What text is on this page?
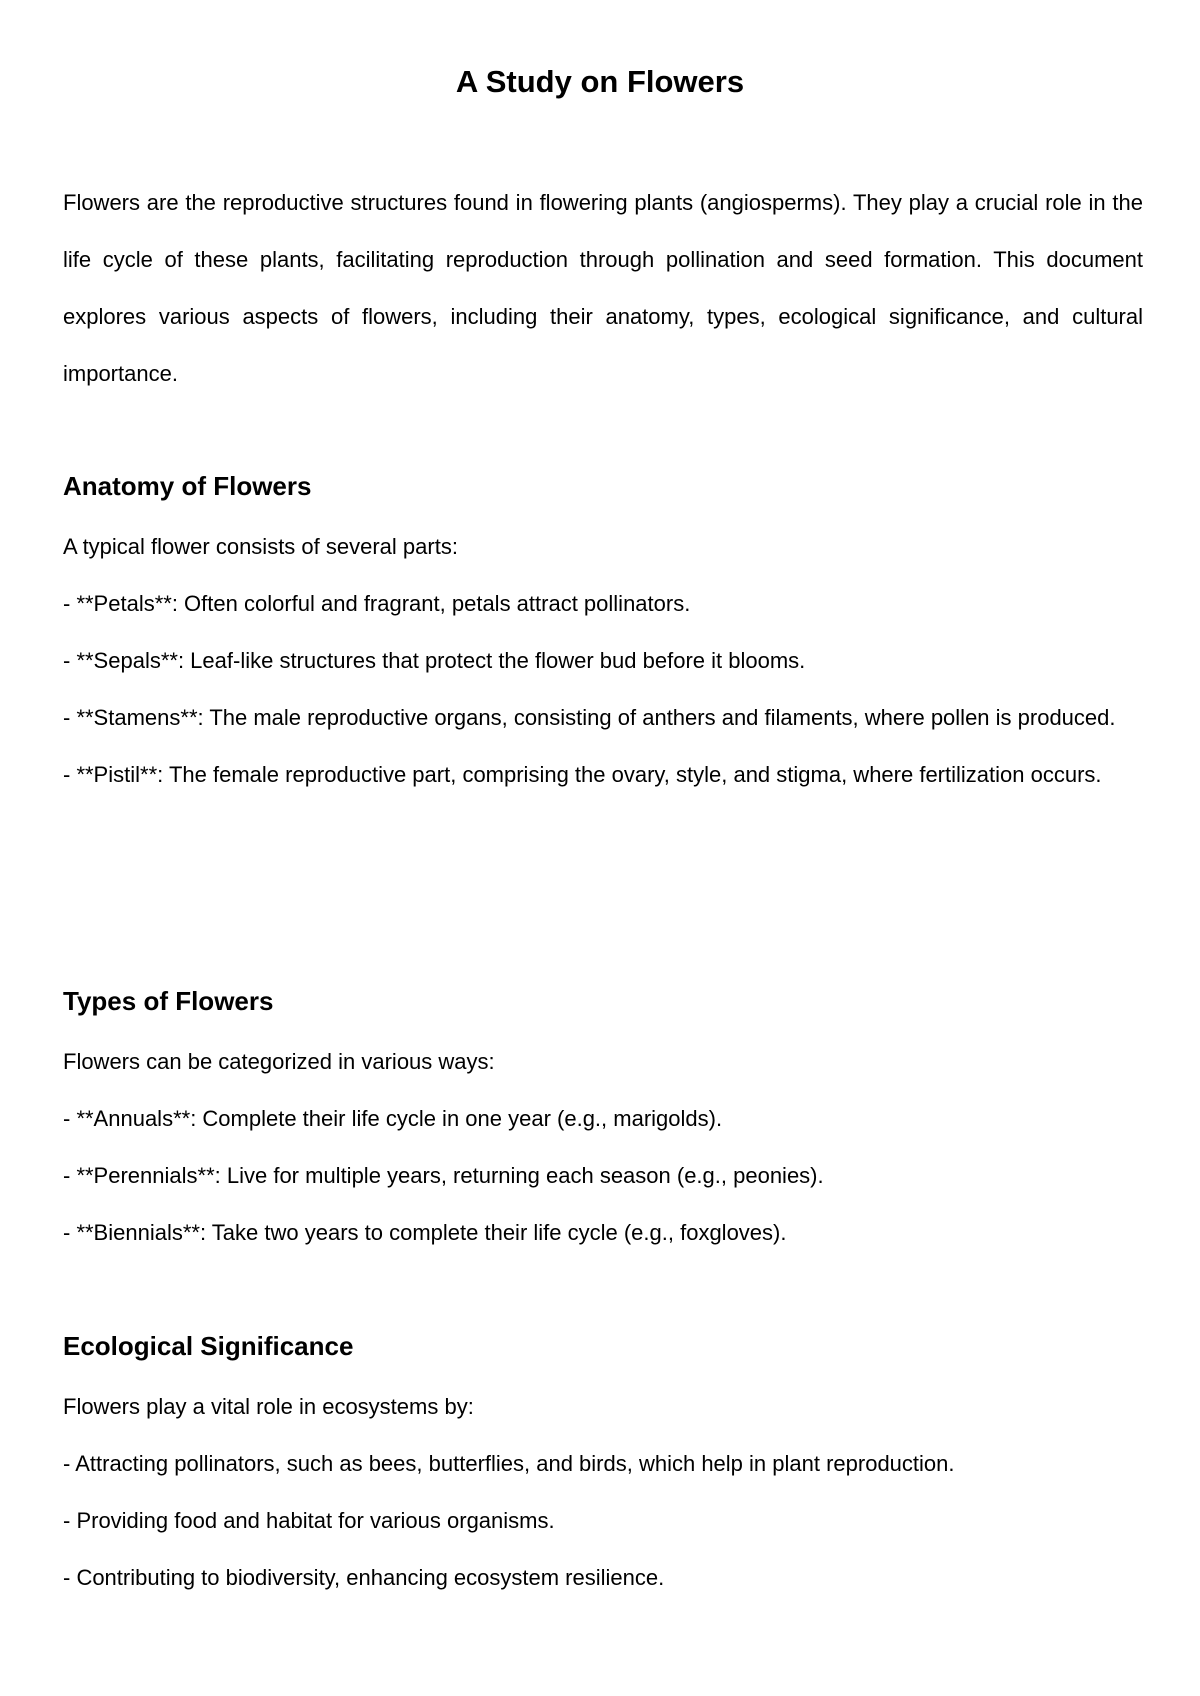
A Study on Flowers

Flowers are the reproductive structures found in flowering plants (angiosperms). They play a crucial role in the life cycle of these plants, facilitating reproduction through pollination and seed formation. This document explores various aspects of flowers, including their anatomy, types, ecological significance, and cultural importance.

Anatomy of Flowers
A typical flower consists of several parts:
- **Petals**: Often colorful and fragrant, petals attract pollinators.
- **Sepals**: Leaf-like structures that protect the flower bud before it blooms.
- **Stamens**: The male reproductive organs, consisting of anthers and filaments, where pollen is produced.
- **Pistil**: The female reproductive part, comprising the ovary, style, and stigma, where fertilization occurs.
Types of Flowers
Flowers can be categorized in various ways:
- **Annuals**: Complete their life cycle in one year (e.g., marigolds).
- **Perennials**: Live for multiple years, returning each season (e.g., peonies).
- **Biennials**: Take two years to complete their life cycle (e.g., foxgloves).
Ecological Significance
Flowers play a vital role in ecosystems by:
- Attracting pollinators, such as bees, butterflies, and birds, which help in plant reproduction.
- Providing food and habitat for various organisms.
- Contributing to biodiversity, enhancing ecosystem resilience.
